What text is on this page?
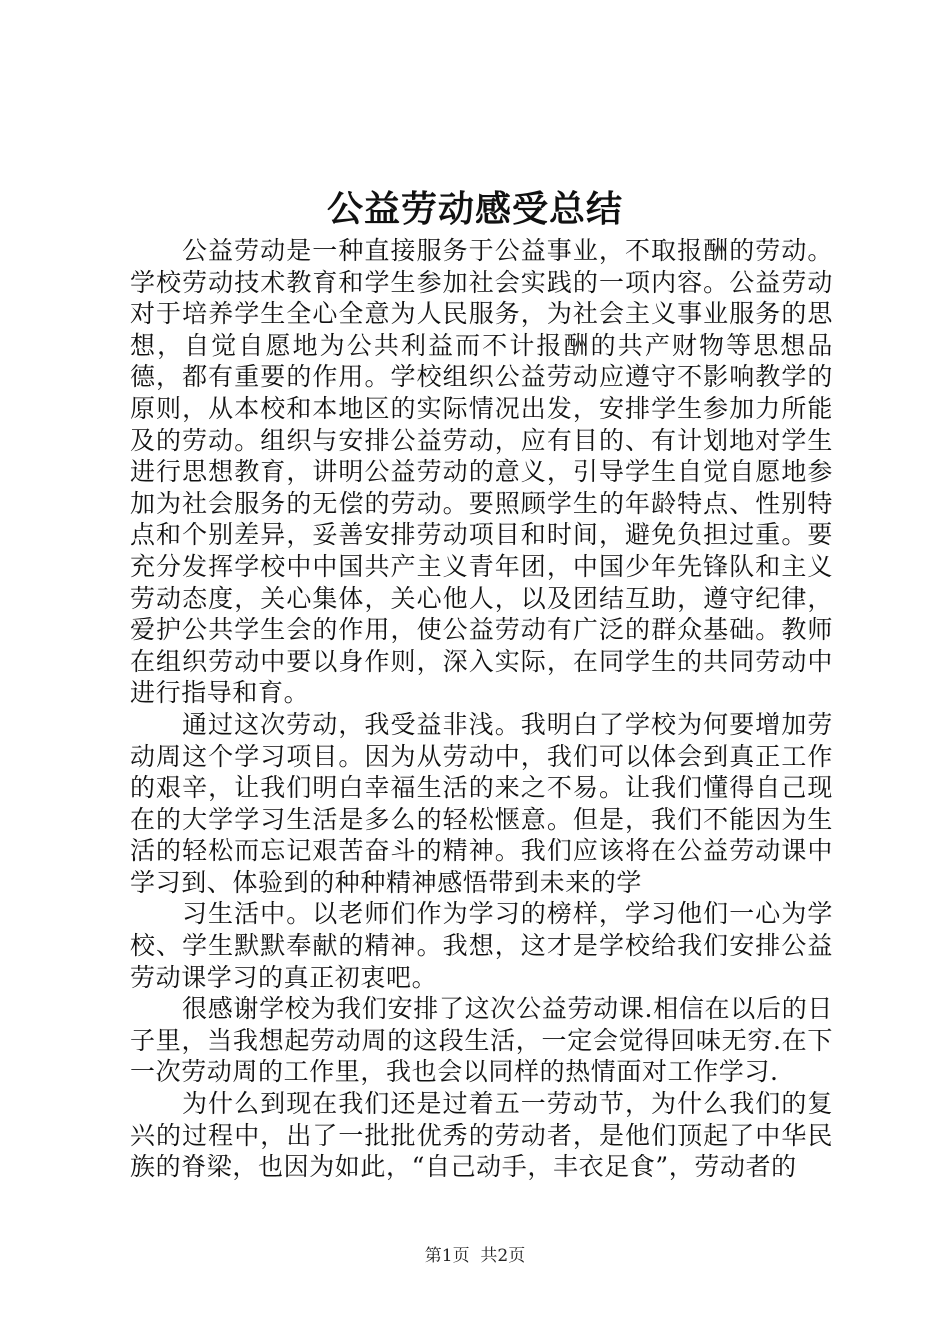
公益劳动感受总结

公益劳动是一种直接服务于公益事业，不取报酬的劳动。学校劳动技术教育和学生参加社会实践的一项内容。公益劳动对于培养学生全心全意为人民服务，为社会主义事业服务的思想，自觉自愿地为公共利益而不计报酬的共产财物等思想品德，都有重要的作用。学校组织公益劳动应遵守不影响教学的原则，从本校和本地区的实际情况出发，安排学生参加力所能及的劳动。组织与安排公益劳动，应有目的、有计划地对学生进行思想教育，讲明公益劳动的意义，引导学生自觉自愿地参加为社会服务的无偿的劳动。要照顾学生的年龄特点、性别特点和个别差异，妥善安排劳动项目和时间，避免负担过重。要充分发挥学校中中国共产主义青年团，中国少年先锋队和主义劳动态度，关心集体，关心他人，以及团结互助，遵守纪律，爱护公共学生会的作用，使公益劳动有广泛的群众基础。教师在组织劳动中要以身作则，深入实际，在同学生的共同劳动中进行指导和育。

通过这次劳动，我受益非浅。我明白了学校为何要增加劳动周这个学习项目。因为从劳动中，我们可以体会到真正工作的艰辛，让我们明白幸福生活的来之不易。让我们懂得自己现在的大学学习生活是多么的轻松惬意。但是，我们不能因为生活的轻松而忘记艰苦奋斗的精神。我们应该将在公益劳动课中学习到、体验到的种种精神感悟带到未来的学

习生活中。以老师们作为学习的榜样，学习他们一心为学校、学生默默奉献的精神。我想，这才是学校给我们安排公益劳动课学习的真正初衷吧。

很感谢学校为我们安排了这次公益劳动课.相信在以后的日子里，当我想起劳动周的这段生活，一定会觉得回味无穷.在下一次劳动周的工作里，我也会以同样的热情面对工作学习.

为什么到现在我们还是过着五一劳动节，为什么我们的复兴的过程中，出了一批批优秀的劳动者，是他们顶起了中华民族的脊梁，也因为如此，“自己动手，丰衣足食”，劳动者的

第1页 共2页
